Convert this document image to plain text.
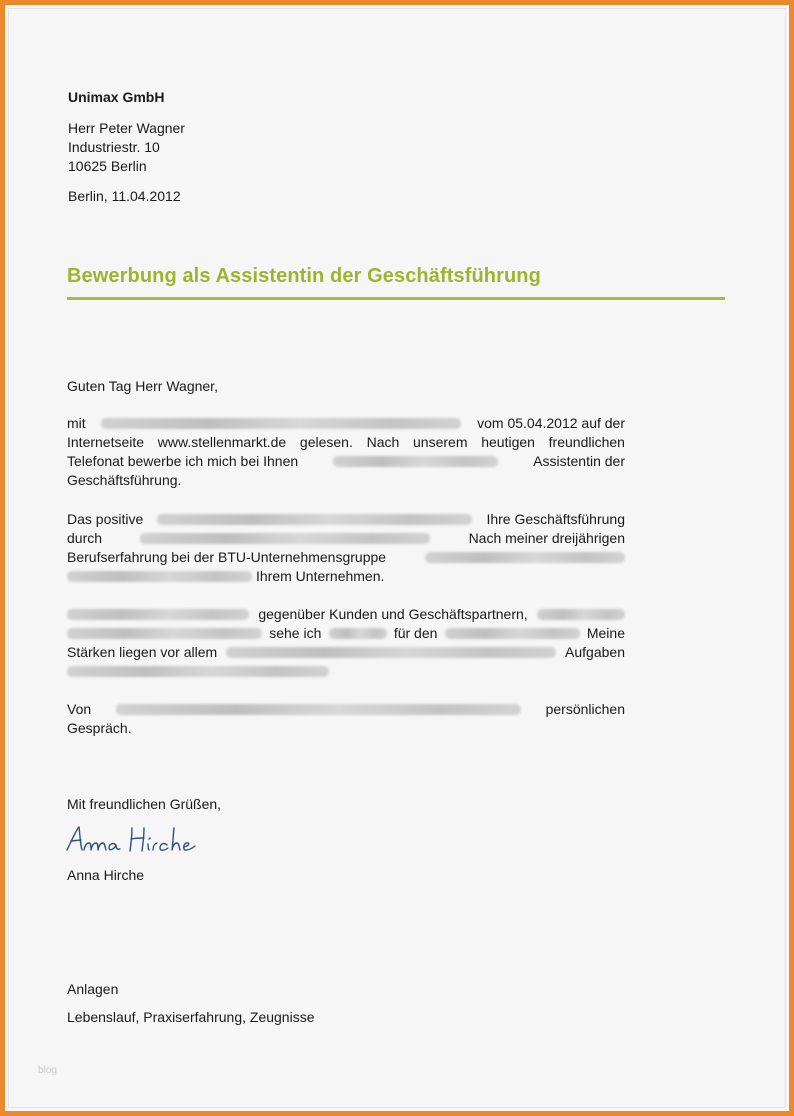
Unimax GmbH
Herr Peter Wagner
Industriestr. 10
10625 Berlin
Berlin, 11.04.2012
Bewerbung als Assistentin der Geschäftsführung
Guten Tag Herr Wagner,
mit	vom 05.04.2012 auf der
Internetseite www.stellenmarkt.de gelesen. Nach unserem heutigen freundlichen
Telefonat bewerbe ich mich bei Ihnen	Assistentin der
Geschäftsführung.
Das positive	Ihre Geschäftsführung
durch	Nach meiner dreijährigen
Berufserfahrung bei der BTU-Unternehmensgruppe
Ihrem Unternehmen.
gegenüber Kunden und Geschäftspartnern,
sehe ich	für den	Meine
Stärken liegen vor allem	Aufgaben
Von	persönlichen
Gespräch.
Mit freundlichen Grüßen,
Anna Hirche
Anlagen
Lebenslauf, Praxiserfahrung, Zeugnisse
blog
